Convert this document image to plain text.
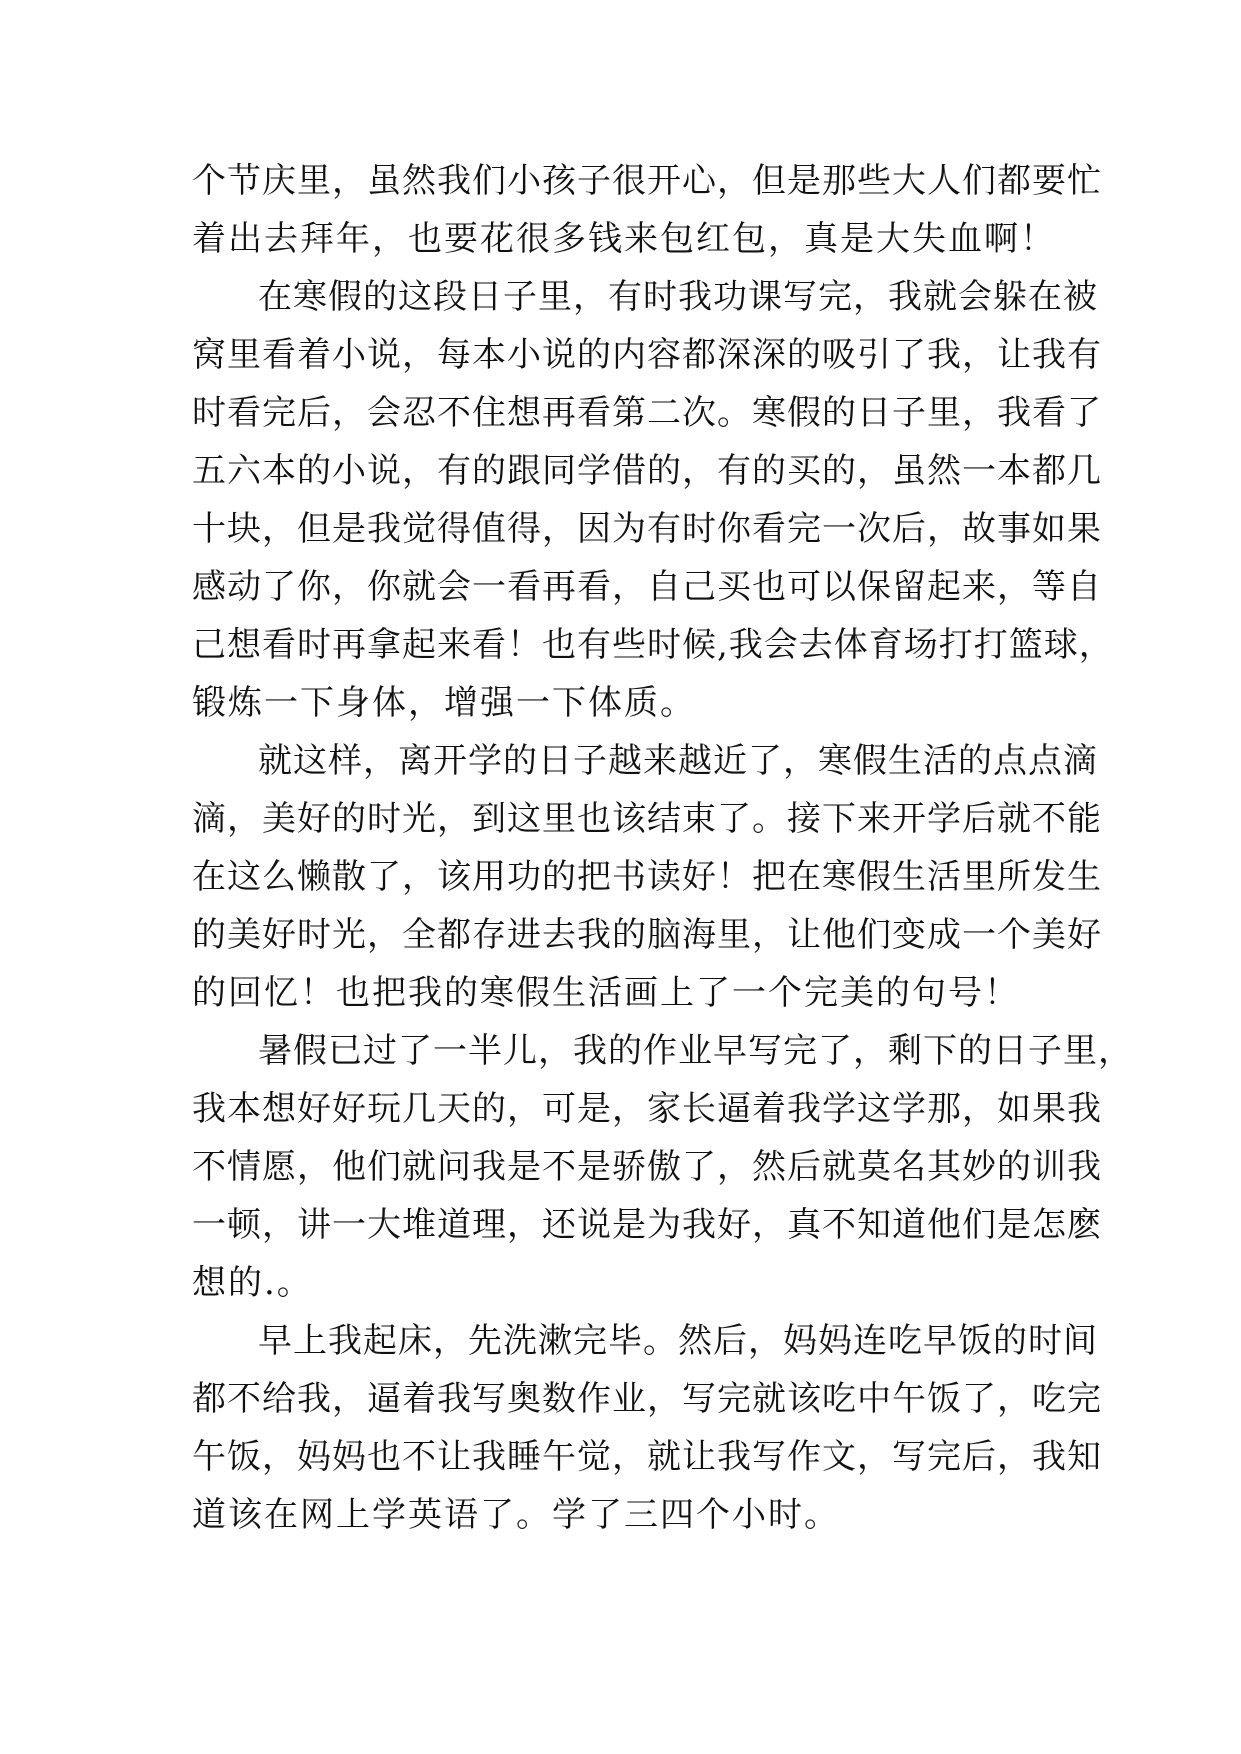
个节庆里，虽然我们小孩子很开心，但是那些大人们都要忙
着出去拜年，也要花很多钱来包红包，真是大失血啊！
在寒假的这段日子里，有时我功课写完，我就会躲在被
窝里看着小说，每本小说的内容都深深的吸引了我，让我有
时看完后，会忍不住想再看第二次。寒假的日子里，我看了
五六本的小说，有的跟同学借的，有的买的，虽然一本都几
十块，但是我觉得值得，因为有时你看完一次后，故事如果
感动了你，你就会一看再看，自己买也可以保留起来，等自
己想看时再拿起来看！也有些时候,我会去体育场打打篮球，
锻炼一下身体，增强一下体质。
就这样，离开学的日子越来越近了，寒假生活的点点滴
滴，美好的时光，到这里也该结束了。接下来开学后就不能
在这么懒散了，该用功的把书读好！把在寒假生活里所发生
的美好时光，全都存进去我的脑海里，让他们变成一个美好
的回忆！也把我的寒假生活画上了一个完美的句号！
暑假已过了一半儿，我的作业早写完了，剩下的日子里，
我本想好好玩几天的，可是，家长逼着我学这学那，如果我
不情愿，他们就问我是不是骄傲了，然后就莫名其妙的训我
一顿，讲一大堆道理，还说是为我好，真不知道他们是怎麽
想的.。
早上我起床，先洗漱完毕。然后，妈妈连吃早饭的时间
都不给我，逼着我写奥数作业，写完就该吃中午饭了，吃完
午饭，妈妈也不让我睡午觉，就让我写作文，写完后，我知
道该在网上学英语了。学了三四个小时。
